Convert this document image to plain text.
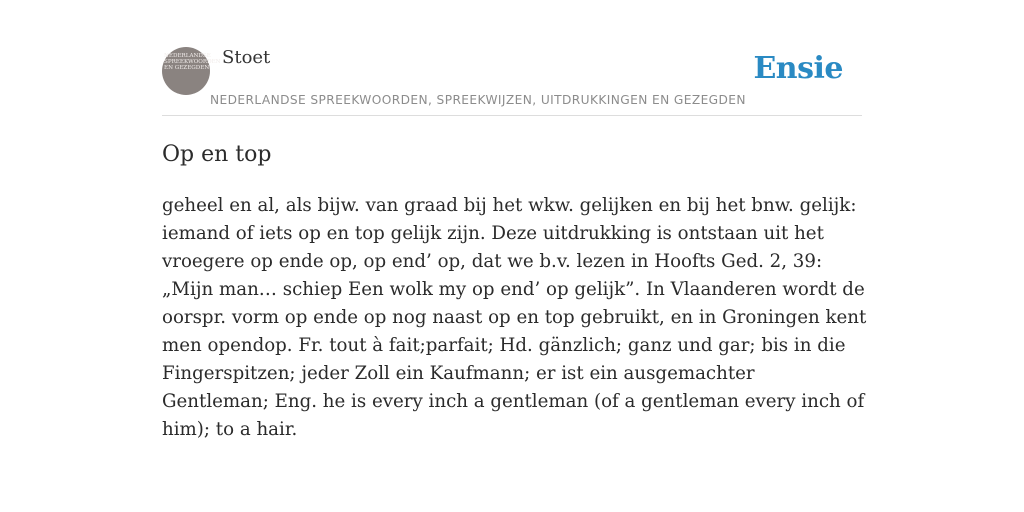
NEDERLANDSE SPREEKWOORDEN EN GEZEGDEN
Stoet
NEDERLANDSE SPREEKWOORDEN, SPREEKWIJZEN, UITDRUKKINGEN EN GEZEGDEN
Ensie
Op en top

geheel en al, als bijw. van graad bij het wkw. gelijken en bij het bnw. gelijk: iemand of iets op en top gelijk zijn. Deze uitdrukking is ontstaan uit het vroegere op ende op, op end’ op, dat we b.v. lezen in Hoofts Ged. 2, 39: „Mijn man… schiep Een wolk my op end’ op gelijk”. In Vlaanderen wordt de oorspr. vorm op ende op nog naast op en top gebruikt, en in Groningen kent men opendop. Fr. tout à fait;parfait; Hd. gänzlich; ganz und gar; bis in die Fingerspitzen; jeder Zoll ein Kaufmann; er ist ein ausgemachter Gentleman; Eng. he is every inch a gentleman (of a gentleman every inch of him); to a hair.
